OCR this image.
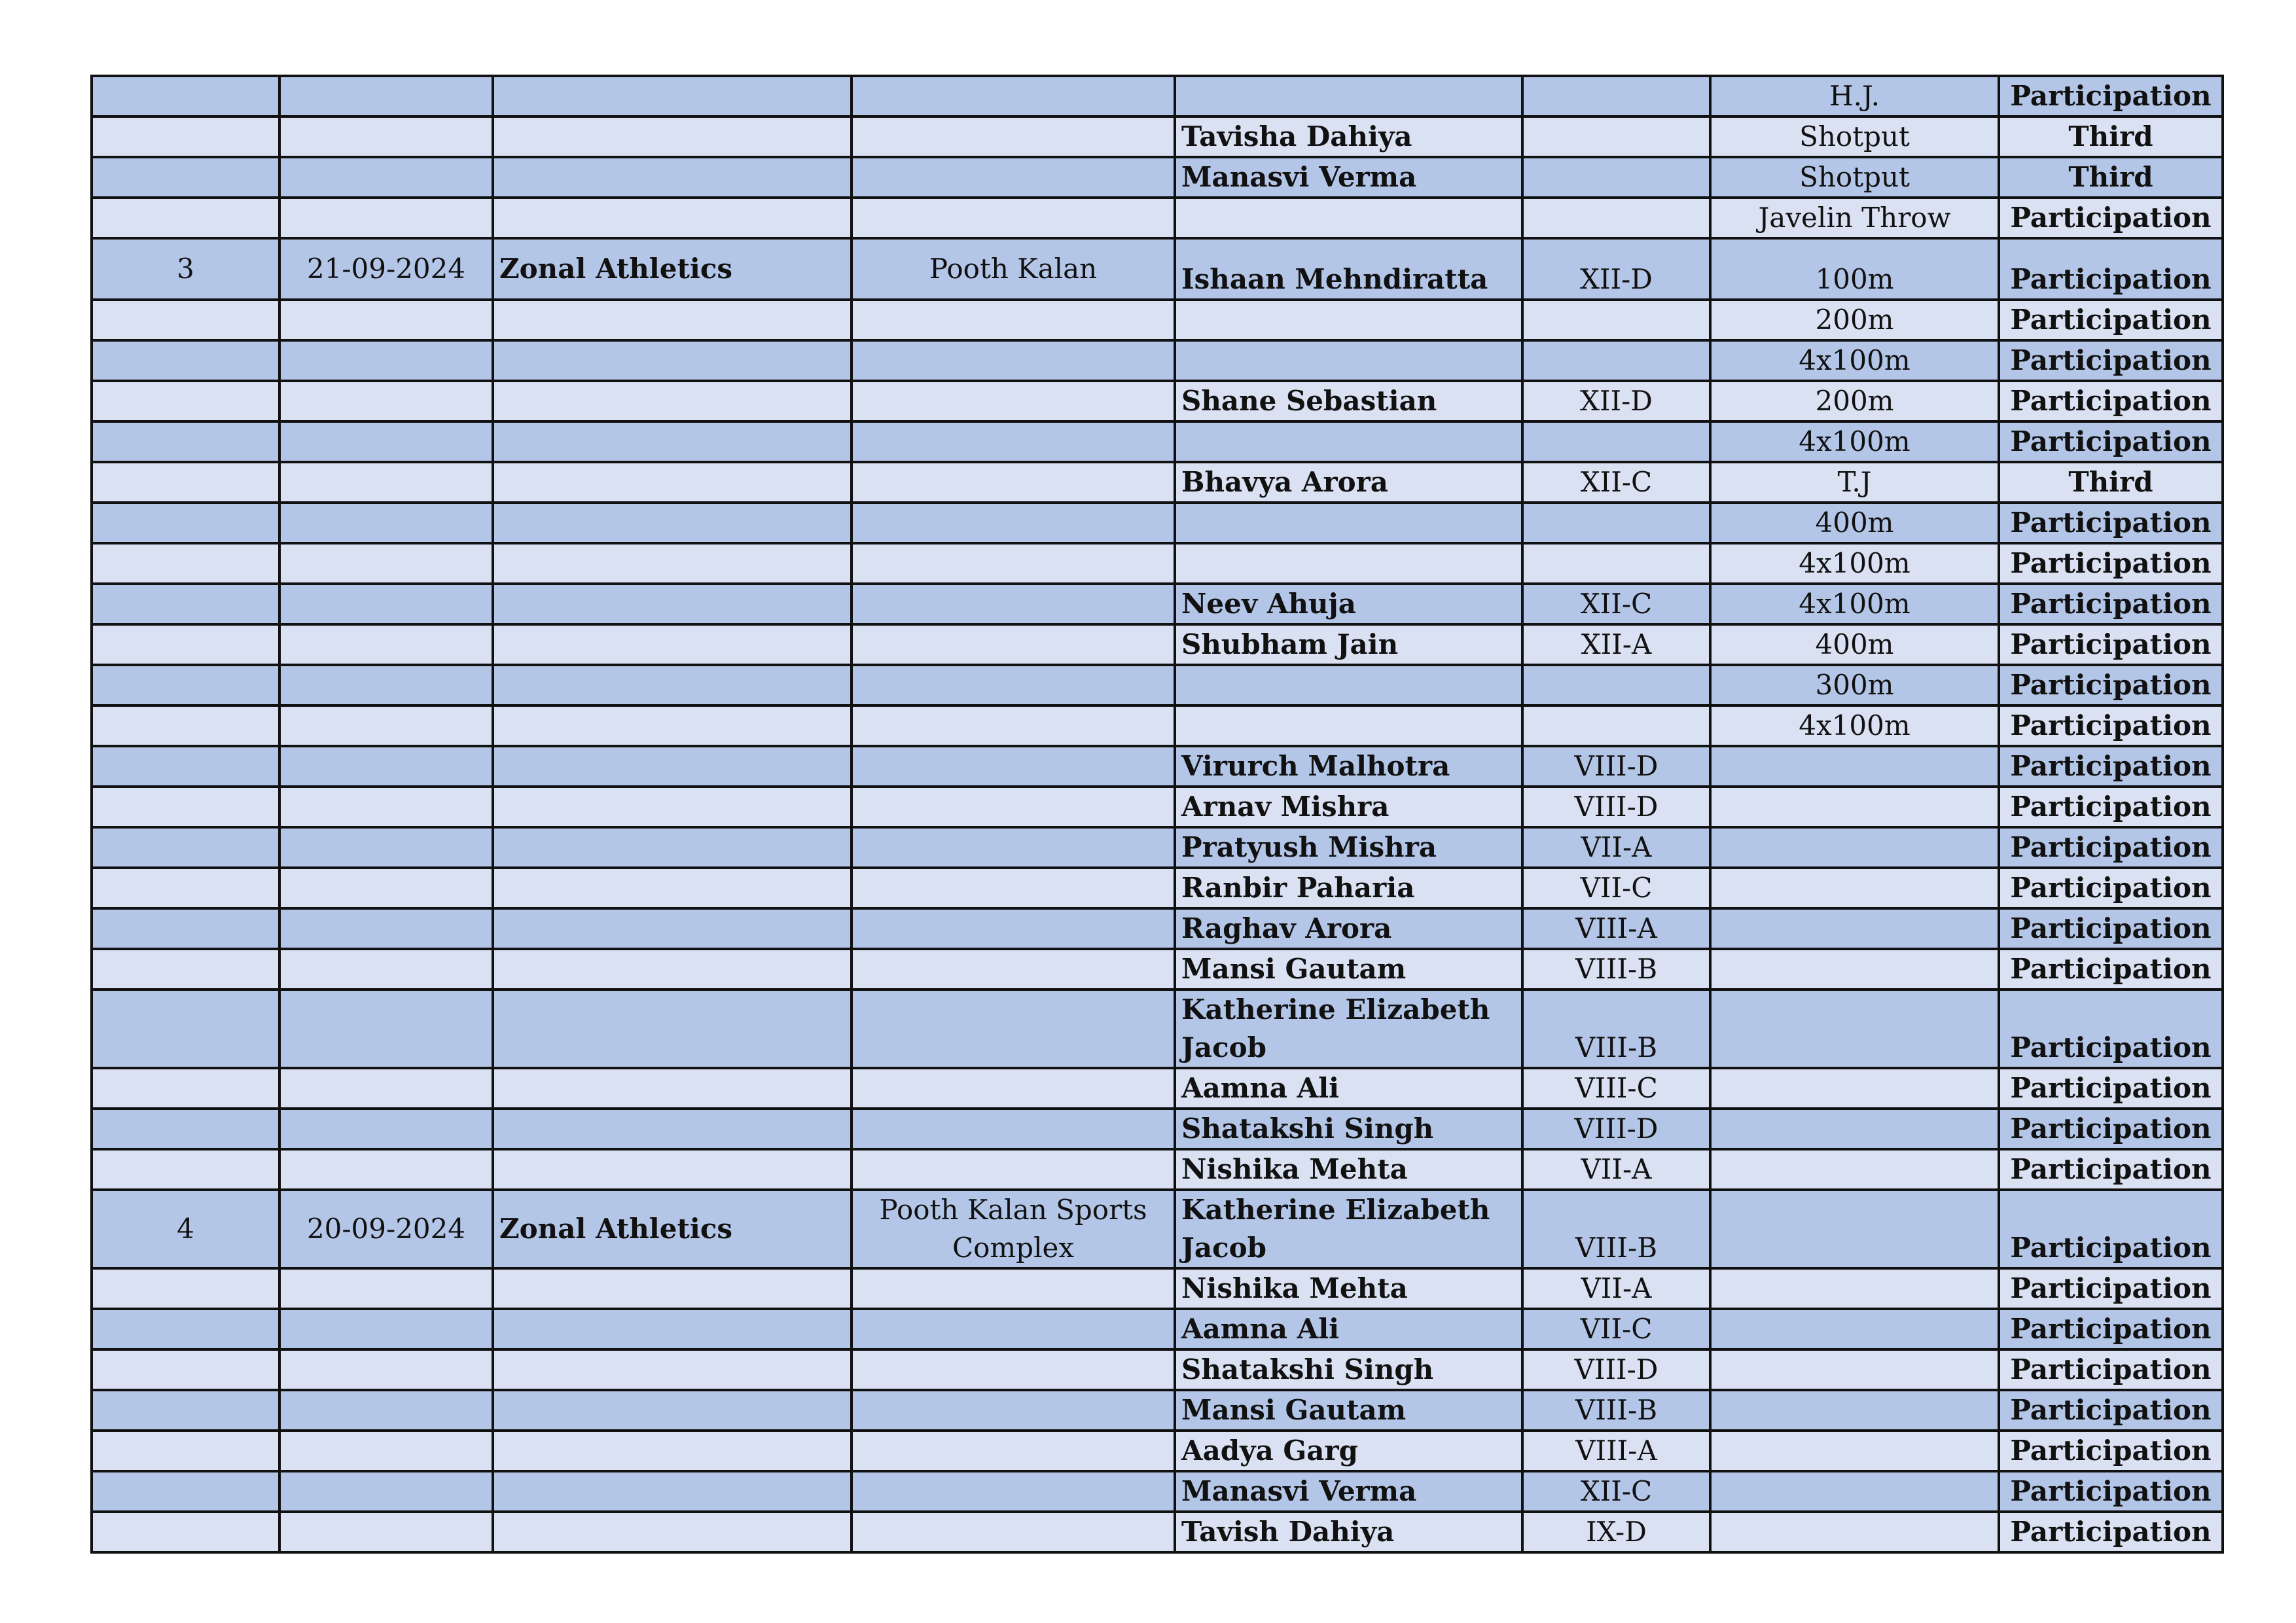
						H.J.	Participation
				Tavisha Dahiya		Shotput	Third
				Manasvi Verma		Shotput	Third
						Javelin Throw	Participation
3	21-09-2024	Zonal Athletics	Pooth Kalan	Ishaan Mehndiratta	XII-D	100m	Participation
						200m	Participation
						4x100m	Participation
				Shane Sebastian	XII-D	200m	Participation
						4x100m	Participation
				Bhavya Arora	XII-C	T.J	Third
						400m	Participation
						4x100m	Participation
				Neev Ahuja	XII-C	4x100m	Participation
				Shubham Jain	XII-A	400m	Participation
						300m	Participation
						4x100m	Participation
				Virurch Malhotra	VIII-D		Participation
				Arnav Mishra	VIII-D		Participation
				Pratyush Mishra	VII-A		Participation
				Ranbir Paharia	VII-C		Participation
				Raghav Arora	VIII-A		Participation
				Mansi Gautam	VIII-B		Participation
				Katherine Elizabeth Jacob	VIII-B		Participation
				Aamna Ali	VIII-C		Participation
				Shatakshi Singh	VIII-D		Participation
				Nishika Mehta	VII-A		Participation
4	20-09-2024	Zonal Athletics	Pooth Kalan Sports Complex	Katherine Elizabeth Jacob	VIII-B		Participation
				Nishika Mehta	VII-A		Participation
				Aamna Ali	VII-C		Participation
				Shatakshi Singh	VIII-D		Participation
				Mansi Gautam	VIII-B		Participation
				Aadya Garg	VIII-A		Participation
				Manasvi Verma	XII-C		Participation
				Tavish Dahiya	IX-D		Participation
